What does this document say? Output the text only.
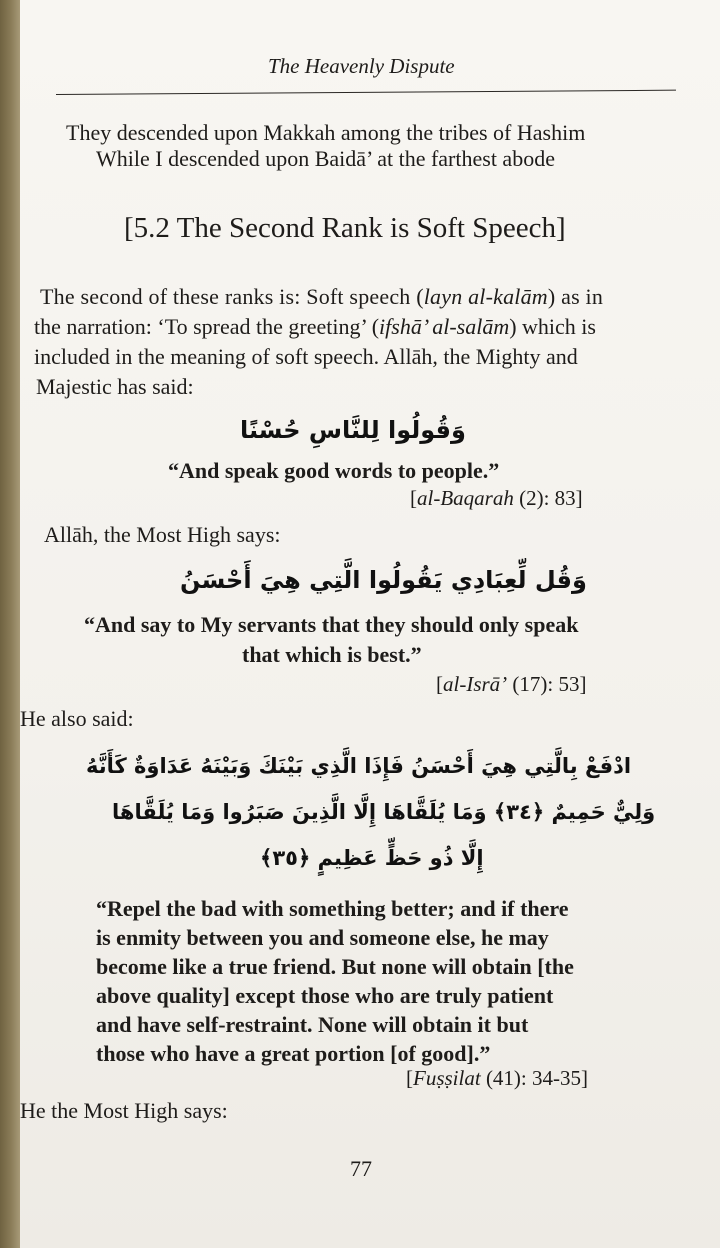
The Heavenly Dispute
They descended upon Makkah among the tribes of Hashim
While I descended upon Baidā’ at the farthest abode
[5.2 The Second Rank is Soft Speech]
The second of these ranks is: Soft speech (layn al-kalām) as in
the narration: ‘To spread the greeting’ (ifshā’ al-salām) which is
included in the meaning of soft speech. Allāh, the Mighty and
Majestic has said:
وَقُولُوا لِلنَّاسِ حُسْنًا
“And speak good words to people.”
[al-Baqarah (2): 83]
Allāh, the Most High says:
وَقُل لِّعِبَادِي يَقُولُوا الَّتِي هِيَ أَحْسَنُ
“And say to My servants that they should only speak
that which is best.”
[al-Isrā’ (17): 53]
He also said:
ادْفَعْ بِالَّتِي هِيَ أَحْسَنُ فَإِذَا الَّذِي بَيْنَكَ وَبَيْنَهُ عَدَاوَةٌ كَأَنَّهُ
وَلِيٌّ حَمِيمٌ ﴿٣٤﴾ وَمَا يُلَقَّاهَا إِلَّا الَّذِينَ صَبَرُوا وَمَا يُلَقَّاهَا
إِلَّا ذُو حَظٍّ عَظِيمٍ ﴿٣٥﴾
“Repel the bad with something better; and if there
is enmity between you and someone else, he may
become like a true friend. But none will obtain [the
above quality] except those who are truly patient
and have self-restraint. None will obtain it but
those who have a great portion [of good].”
[Fuṣṣilat (41): 34-35]
He the Most High says:
77
